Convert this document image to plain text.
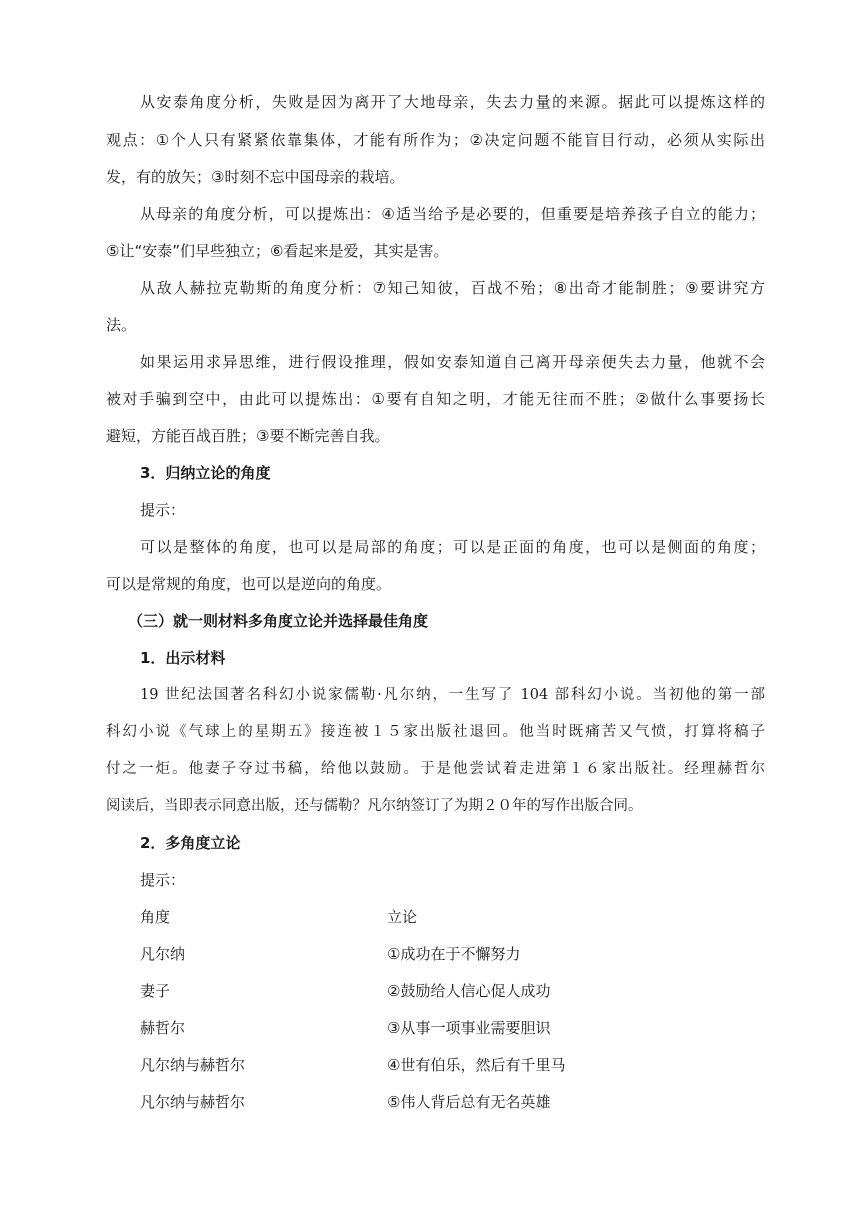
从安泰角度分析，失败是因为离开了大地母亲，失去力量的来源。据此可以提炼这样的
观点：①个人只有紧紧依靠集体，才能有所作为；②决定问题不能盲目行动，必须从实际出
发，有的放矢；③时刻不忘中国母亲的栽培。
从母亲的角度分析，可以提炼出：④适当给予是必要的，但重要是培养孩子自立的能力；
⑤让“安泰”们早些独立；⑥看起来是爱，其实是害。
从敌人赫拉克勒斯的角度分析：⑦知己知彼，百战不殆；⑧出奇才能制胜；⑨要讲究方
法。
如果运用求异思维，进行假设推理，假如安泰知道自己离开母亲便失去力量，他就不会
被对手骗到空中，由此可以提炼出：①要有自知之明，才能无往而不胜；②做什么事要扬长
避短，方能百战百胜；③要不断完善自我。
3．归纳立论的角度
提示：
可以是整体的角度，也可以是局部的角度；可以是正面的角度，也可以是侧面的角度；
可以是常规的角度，也可以是逆向的角度。
（三）就一则材料多角度立论并选择最佳角度
1．出示材料
19 世纪法国著名科幻小说家儒勒·凡尔纳，一生写了 104 部科幻小说。当初他的第一部
科幻小说《气球上的星期五》接连被１５家出版社退回。他当时既痛苦又气愤，打算将稿子
付之一炬。他妻子夺过书稿，给他以鼓励。于是他尝试着走进第１６家出版社。经理赫哲尔
阅读后，当即表示同意出版，还与儒勒？凡尔纳签订了为期２０年的写作出版合同。
2．多角度立论
提示：
角度	立论
凡尔纳	①成功在于不懈努力
妻子	②鼓励给人信心促人成功
赫哲尔	③从事一项事业需要胆识
凡尔纳与赫哲尔	④世有伯乐，然后有千里马
凡尔纳与赫哲尔	⑤伟人背后总有无名英雄
